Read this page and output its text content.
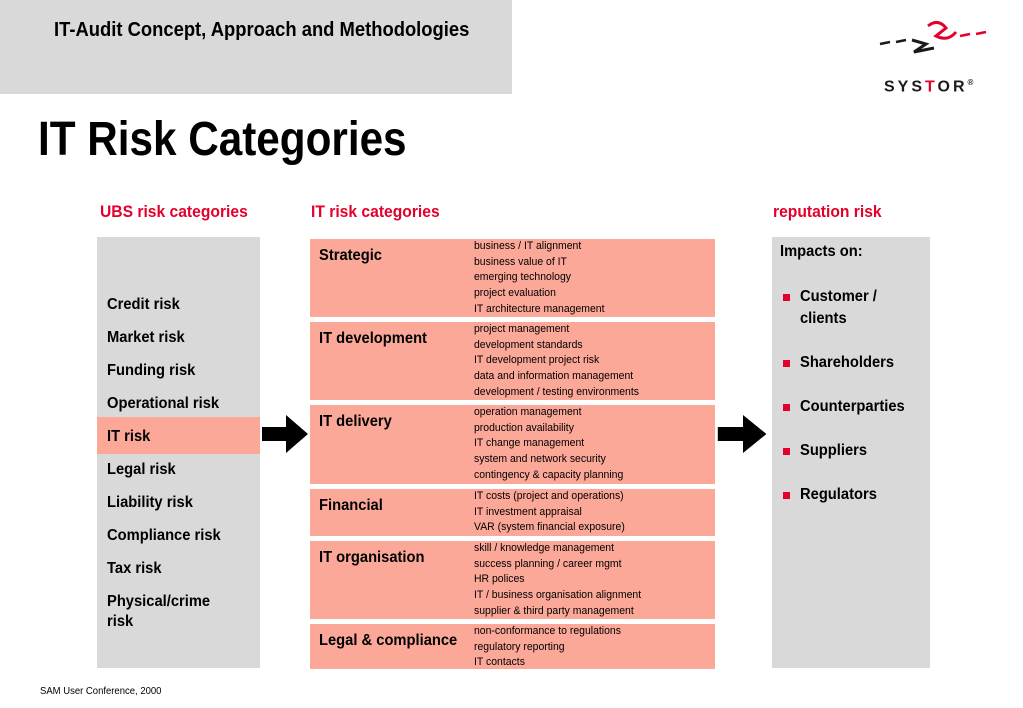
IT-Audit Concept, Approach and Methodologies
SYSTOR®
IT Risk Categories
UBS risk categories	IT risk categories	reputation risk
Credit risk
Market risk
Funding risk
Operational risk
IT risk
Legal risk
Liability risk
Compliance risk
Tax risk
Physical/crime risk
Strategic
business / IT alignment
business value of IT
emerging technology
project evaluation
IT architecture management
IT development
project management
development standards
IT development project risk
data and information management
development / testing environments
IT delivery
operation management
production availability
IT change management
system and network security
contingency & capacity planning
Financial
IT costs (project and operations)
IT investment appraisal
VAR (system financial exposure)
IT organisation
skill / knowledge management
success planning / career mgmt
HR polices
IT / business organisation alignment
supplier & third party management
Legal & compliance
non-conformance to regulations
regulatory reporting
IT contacts
Impacts on:
Customer / clients
Shareholders
Counterparties
Suppliers
Regulators
SAM User Conference, 2000
